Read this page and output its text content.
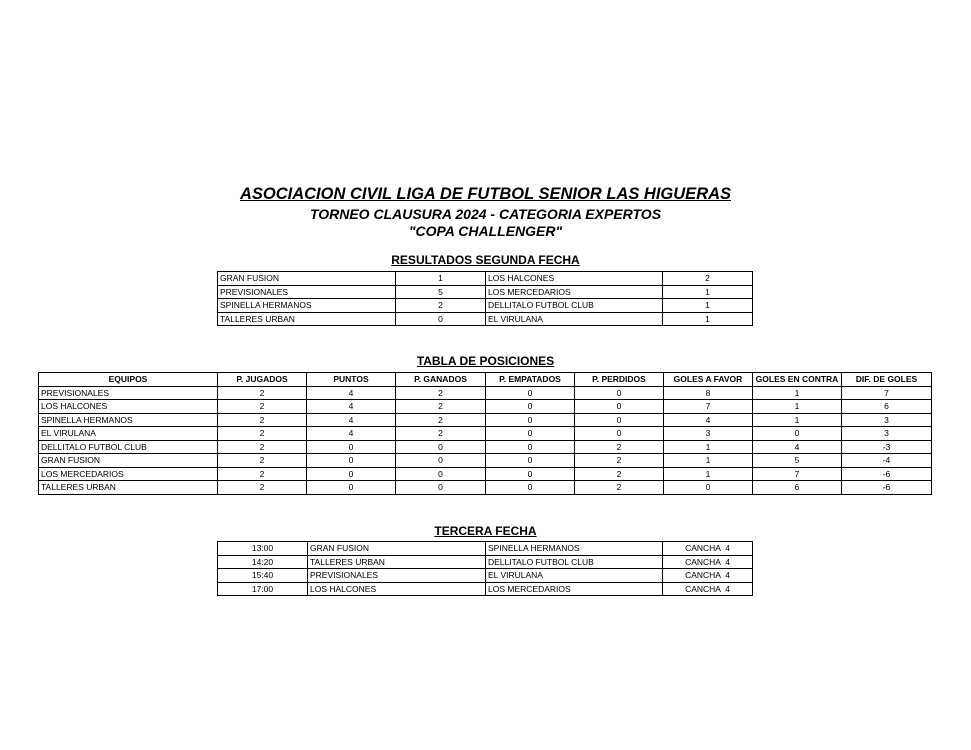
ASOCIACION CIVIL LIGA DE FUTBOL SENIOR LAS HIGUERAS
TORNEO CLAUSURA 2024 - CATEGORIA EXPERTOS
"COPA CHALLENGER"
RESULTADOS SEGUNDA FECHA
GRAN FUSION	1	LOS HALCONES	2
PREVISIONALES	5	LOS MERCEDARIOS	1
SPINELLA HERMANOS	2	DELLITALO FUTBOL CLUB	1
TALLERES URBAN	0	EL VIRULANA	1
TABLA DE POSICIONES
EQUIPOS	P. JUGADOS	PUNTOS	P. GANADOS	P. EMPATADOS	P. PERDIDOS	GOLES A FAVOR	GOLES EN CONTRA	DIF. DE GOLES
PREVISIONALES	2	4	2	0	0	8	1	7
LOS HALCONES	2	4	2	0	0	7	1	6
SPINELLA HERMANOS	2	4	2	0	0	4	1	3
EL VIRULANA	2	4	2	0	0	3	0	3
DELLITALO FUTBOL CLUB	2	0	0	0	2	1	4	-3
GRAN FUSION	2	0	0	0	2	1	5	-4
LOS MERCEDARIOS	2	0	0	0	2	1	7	-6
TALLERES URBAN	2	0	0	0	2	0	6	-6
TERCERA FECHA
13:00	GRAN FUSION	SPINELLA HERMANOS	CANCHA  4
14:20	TALLERES URBAN	DELLITALO FUTBOL CLUB	CANCHA  4
15:40	PREVISIONALES	EL VIRULANA	CANCHA  4
17:00	LOS HALCONES	LOS MERCEDARIOS	CANCHA  4
